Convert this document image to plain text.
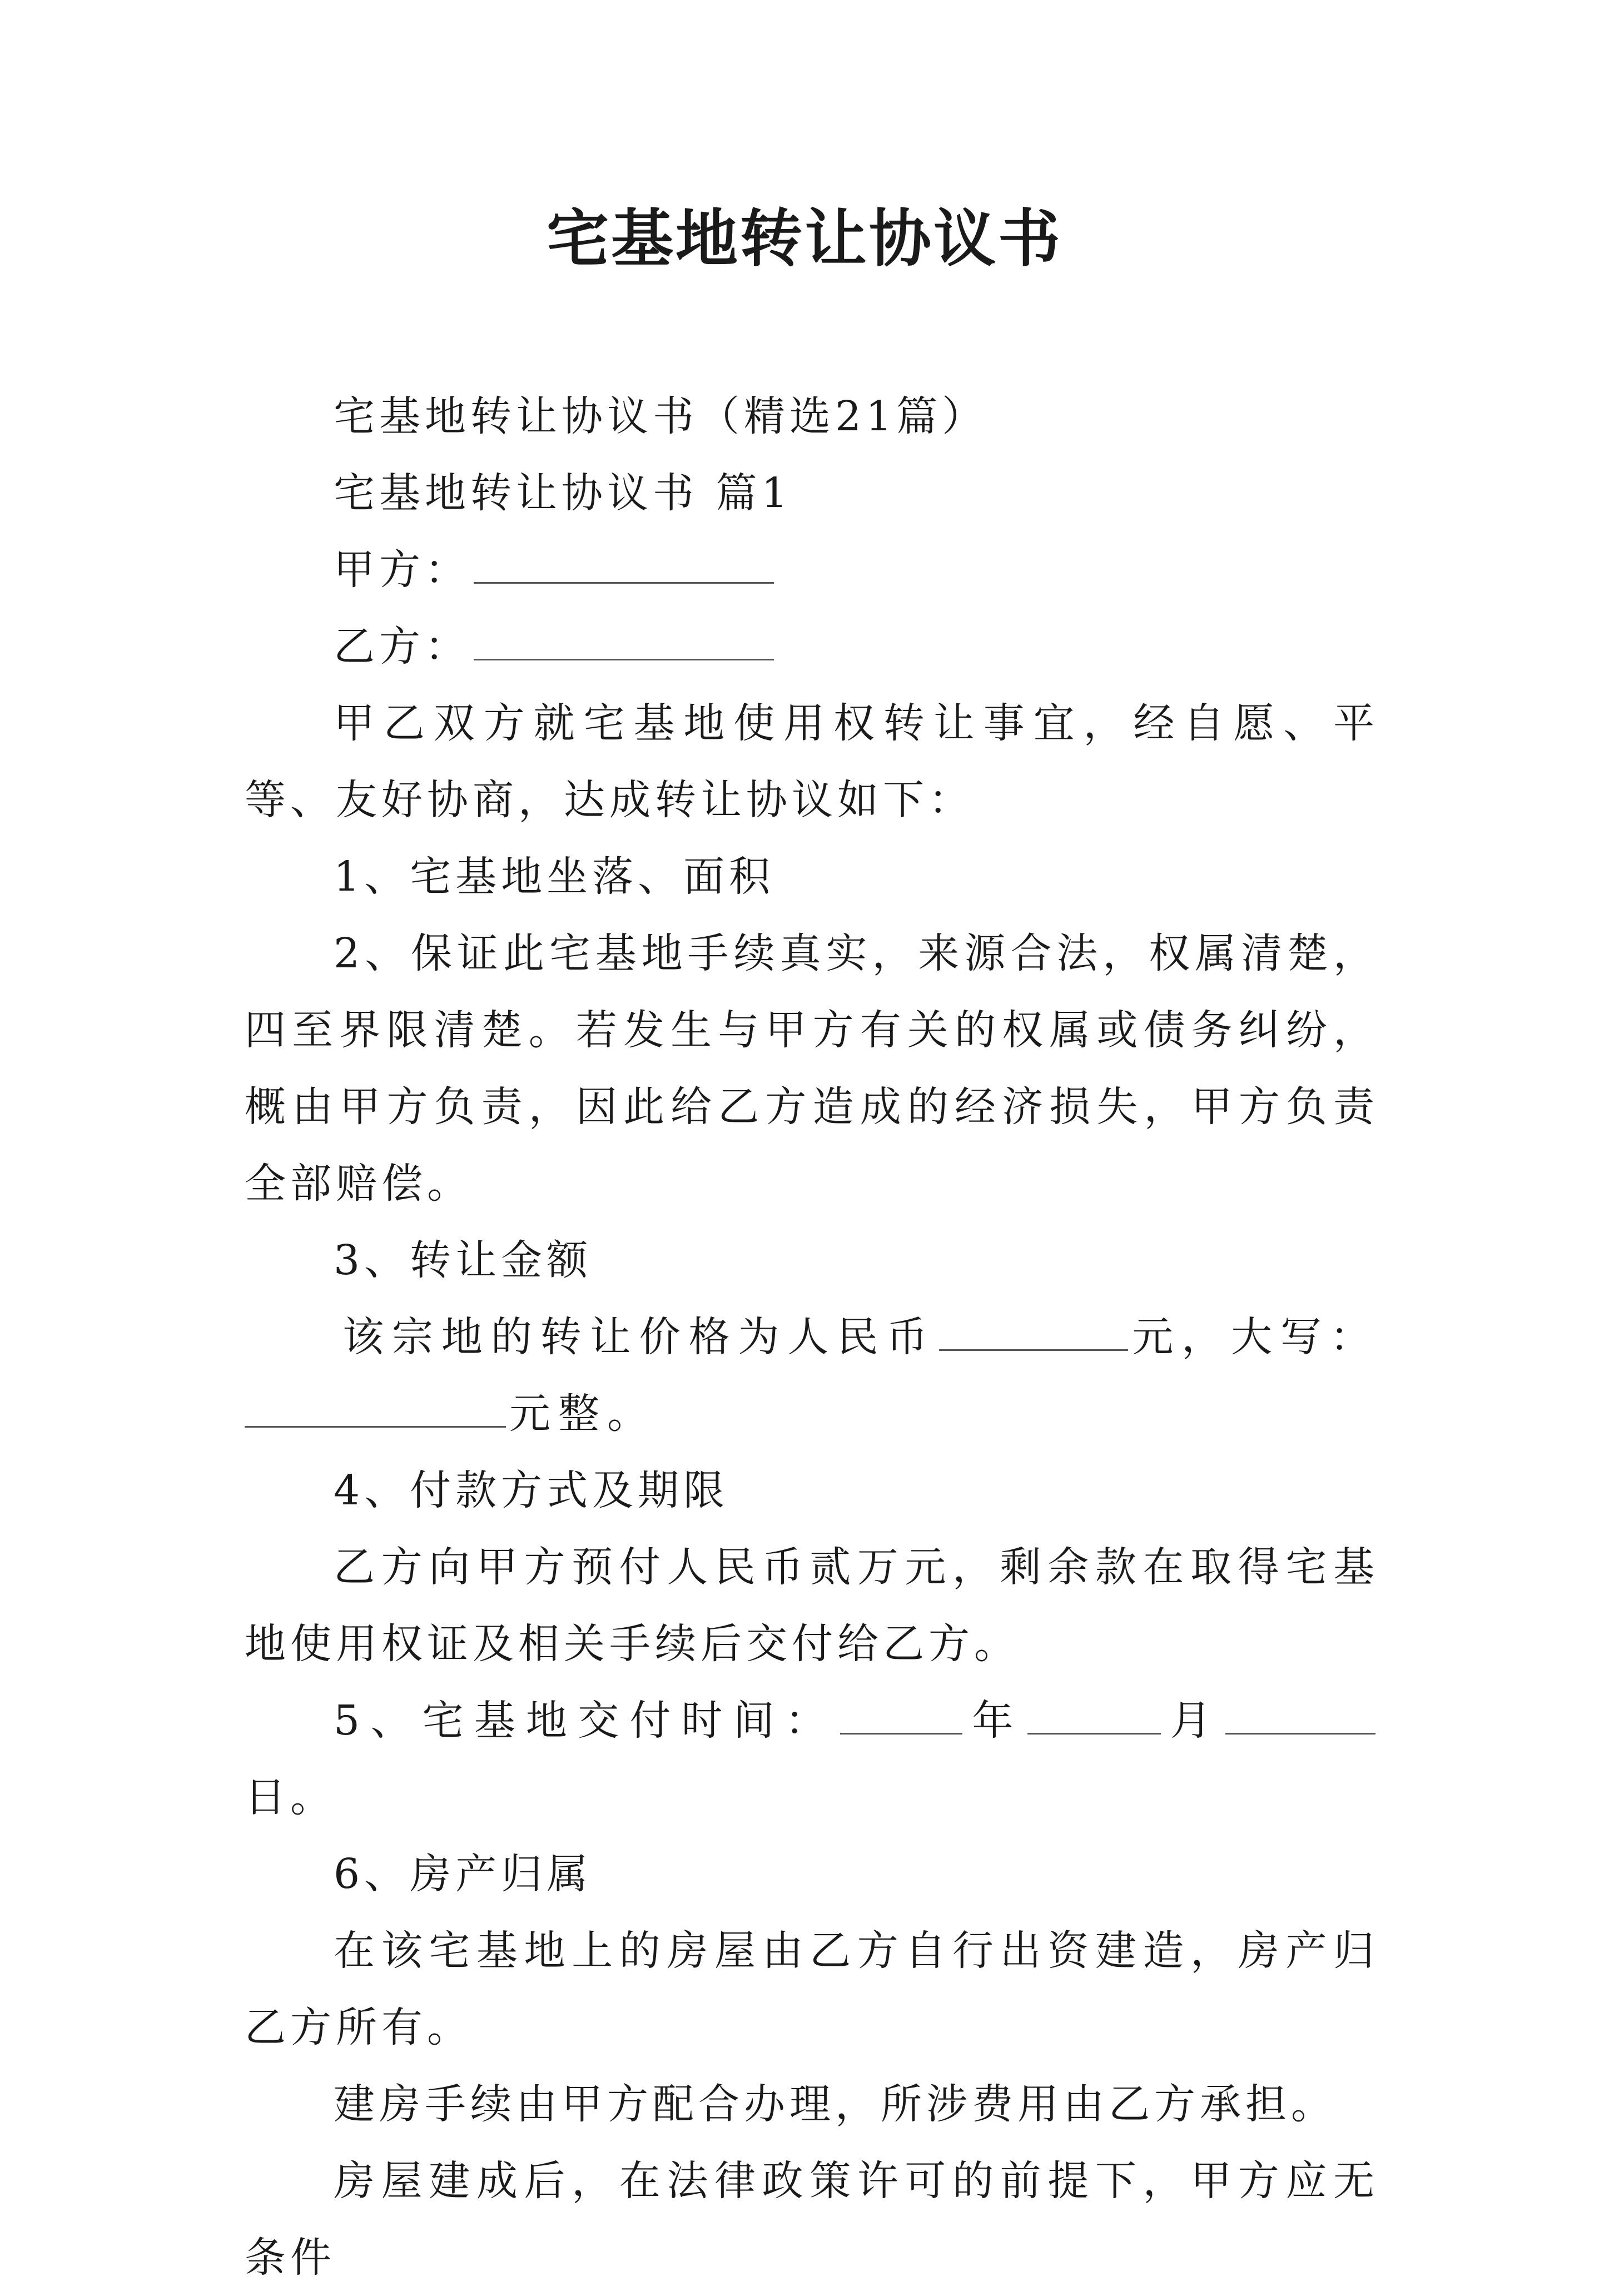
宅基地转让协议书

宅基地转让协议书（精选21篇）

宅基地转让协议书 篇1

甲方：

乙方：

甲乙双方就宅基地使用权转让事宜，经自愿、平等、友好协商，达成转让协议如下：

1、宅基地坐落、面积

2、保证此宅基地手续真实，来源合法，权属清楚，四至界限清楚。若发生与甲方有关的权属或债务纠纷，概由甲方负责，因此给乙方造成的经济损失，甲方负责全部赔偿。

3、转让金额

该宗地的转让价格为人民币	元，大写：元整。

4、付款方式及期限

乙方向甲方预付人民币贰万元，剩余款在取得宅基地使用权证及相关手续后交付给乙方。

5、宅基地交付时间：	年	月日。

6、房产归属

在该宅基地上的房屋由乙方自行出资建造，房产归乙方所有。

建房手续由甲方配合办理，所涉费用由乙方承担。

房屋建成后，在法律政策许可的前提下，甲方应无条件
